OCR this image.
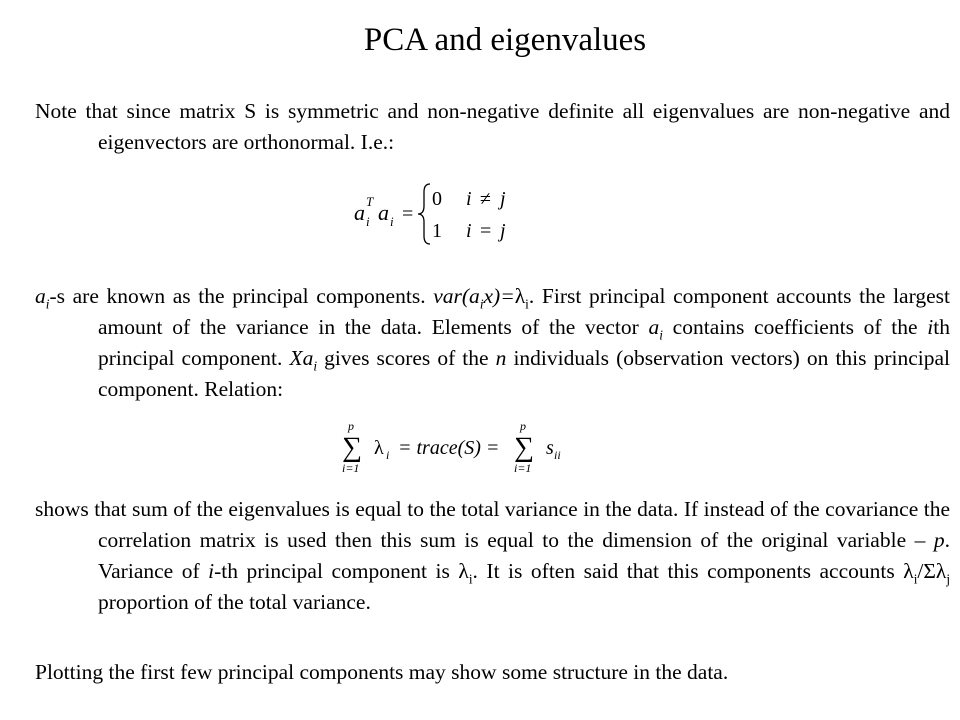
PCA and eigenvalues
Note that since matrix S is symmetric and non-negative definite all eigenvalues are non-negative and eigenvectors are orthonormal. I.e.:
a i
T a i =
0 i ≠ j
1 i = j
$a_i-s$ are known as the principal components. $var(a_ix)=\lambda_i$. First principal component accounts the largest amount of the variance in the data. Elements of the vector $a_i$ contains coefficients of the ith principal component. $Xa_i$ gives scores of the n individuals (observation vectors) on this principal component. Relation:
p
∑
i=1
λ i = trace(S) =
p
∑
i=1
s ii
shows that sum of the eigenvalues is equal to the total variance in the data. If instead of the covariance the correlation matrix is used then this sum is equal to the dimension of the original variable – p. Variance of i-th principal component is $\lambda_i$. It is often said that this components accounts $\lambda_i/\Sigma\lambda_j$ proportion of the total variance.
Plotting the first few principal components may show some structure in the data.
